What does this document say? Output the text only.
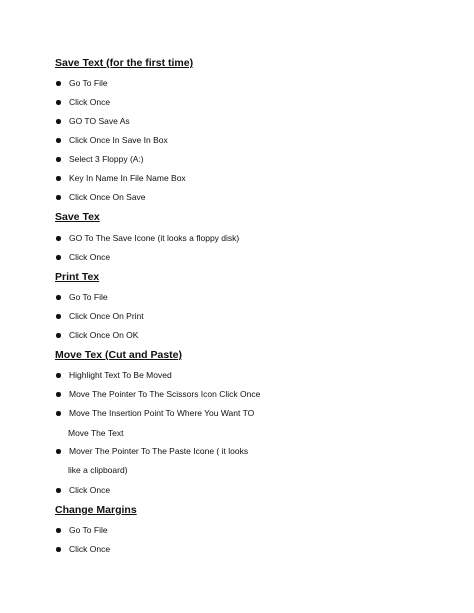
Save Text (for the first time)
Go To File
Click Once
GO TO Save As
Click Once In Save In Box
Select 3 Floppy (A:)
Key In Name In File Name Box
Click Once On Save
Save Tex
GO To The Save Icone (it looks a floppy disk)
Click Once
Print Tex
Go To File
Click Once On Print
Click Once On OK
Move Tex (Cut and Paste)
Highlight Text To Be Moved
Move The Pointer To The Scissors Icon Click Once
Move The Insertion Point To Where You Want TO
Move The Text
Mover The Pointer To The Paste Icone ( it looks
like a clipboard)
Click Once
Change Margins
Go To File
Click Once
